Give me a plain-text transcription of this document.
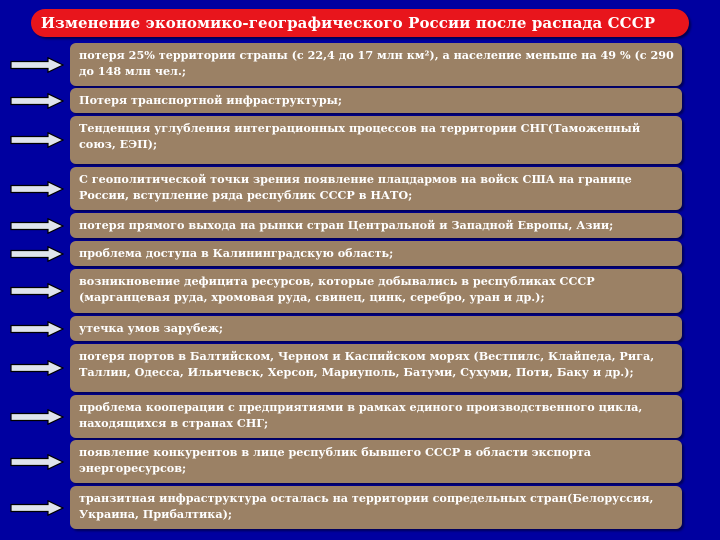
Изменение экономико-географического России после распада СССР
потеря 25% территории страны (с 22,4 до 17 млн км²), а население меньше на 49 % (с 290 до 148 млн чел.;
Потеря транспортной инфраструктуры;
Тенденция углубления интеграционных процессов на территории СНГ(Таможенный союз, ЕЭП);
С геополитической точки зрения появление плацдармов на войск США на границе России, вступление ряда республик СССР в НАТО;
потеря прямого выхода на рынки стран Центральной и Западной Европы, Азии;
проблема доступа в Калининградскую область;
возникновение дефицита ресурсов, которые добывались в республиках СССР (марганцевая руда, хромовая руда, свинец, цинк, серебро, уран и др.);
утечка умов зарубеж;
потеря портов в Балтийском, Черном и Каспийском морях (Вестпилс, Клайпеда, Рига, Таллин, Одесса, Ильичевск, Херсон, Мариуполь, Батуми, Сухуми, Поти, Баку и др.);
проблема кооперации с предприятиями в рамках единого производственного цикла, находящихся в странах СНГ;
появление конкурентов в лице республик бывшего СССР в области экспорта энергоресурсов;
транзитная инфраструктура осталась на территории сопредельных стран(Белоруссия, Украина, Прибалтика);
